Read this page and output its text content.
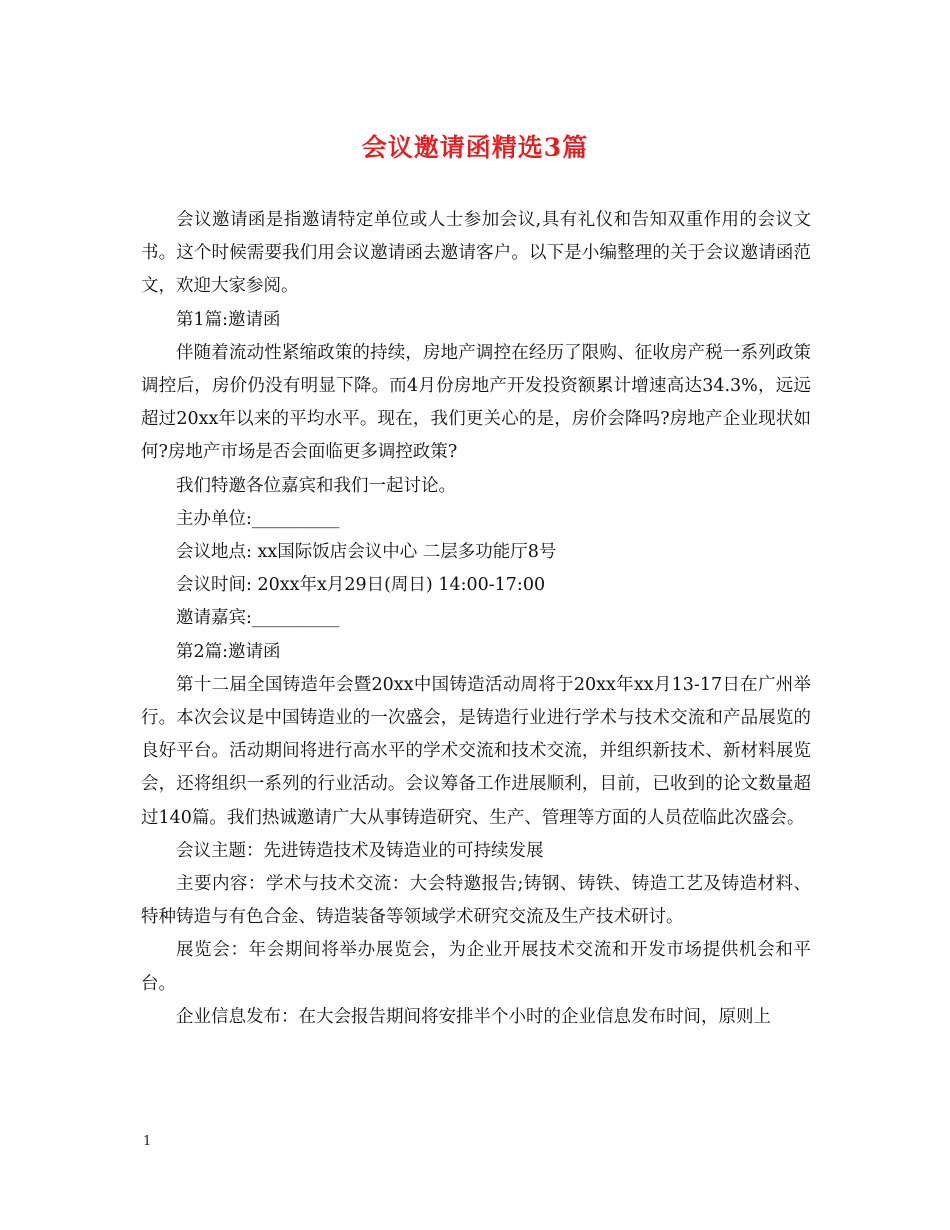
会议邀请函精选3篇

会议邀请函是指邀请特定单位或人士参加会议,具有礼仪和告知双重作用的会议文书。这个时候需要我们用会议邀请函去邀请客户。以下是小编整理的关于会议邀请函范文，欢迎大家参阅。

第1篇:邀请函

伴随着流动性紧缩政策的持续，房地产调控在经历了限购、征收房产税一系列政策调控后，房价仍没有明显下降。而4月份房地产开发投资额累计增速高达34.3%，远远超过20xx年以来的平均水平。现在，我们更关心的是，房价会降吗?房地产企业现状如何?房地产市场是否会面临更多调控政策?

我们特邀各位嘉宾和我们一起讨论。

主办单位:__________

会议地点: xx国际饭店会议中心 二层多功能厅8号

会议时间: 20xx年x月29日(周日) 14:00-17:00

邀请嘉宾:__________

第2篇:邀请函

第十二届全国铸造年会暨20xx中国铸造活动周将于20xx年xx月13-17日在广州举行。本次会议是中国铸造业的一次盛会，是铸造行业进行学术与技术交流和产品展览的良好平台。活动期间将进行高水平的学术交流和技术交流，并组织新技术、新材料展览会，还将组织一系列的行业活动。会议筹备工作进展顺利，目前，已收到的论文数量超过140篇。我们热诚邀请广大从事铸造研究、生产、管理等方面的人员莅临此次盛会。

会议主题：先进铸造技术及铸造业的可持续发展

主要内容：学术与技术交流：大会特邀报告;铸钢、铸铁、铸造工艺及铸造材料、 特种铸造与有色合金、铸造装备等领域学术研究交流及生产技术研讨。

展览会：年会期间将举办展览会，为企业开展技术交流和开发市场提供机会和平台。

企业信息发布：在大会报告期间将安排半个小时的企业信息发布时间，原则上

1
